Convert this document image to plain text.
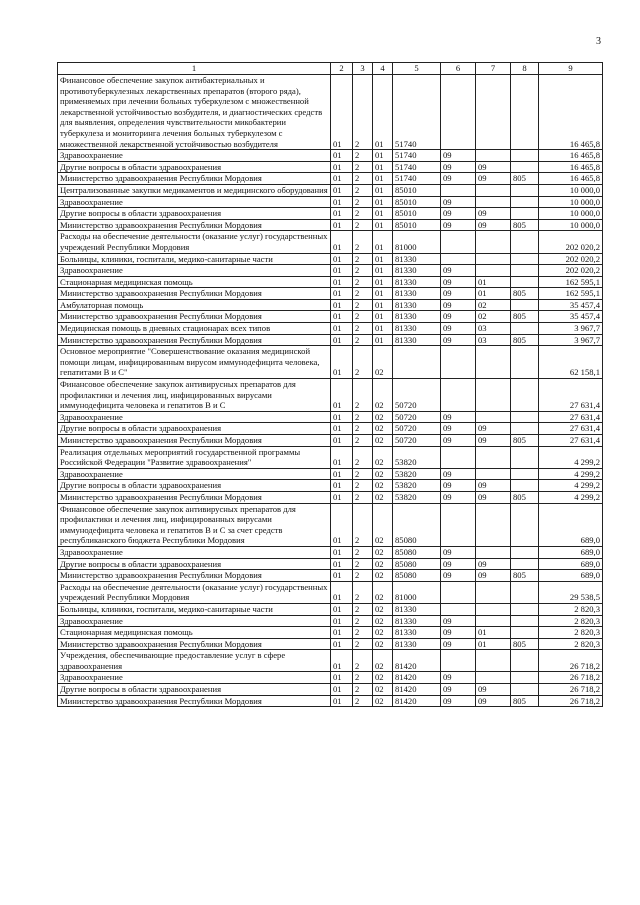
3
1	2	3	4	5	6	7	8	9
Финансовое обеспечение закупок антибактериальных и противотуберкулезных лекарственных препаратов (второго ряда), применяемых при лечении больных туберкулезом с множественной лекарственной устойчивостью возбудителя, и диагностических средств для выявления, определения чувствительности микобактерии туберкулеза и мониторинга лечения больных туберкулезом с множественной лекарственной устойчивостью возбудителя	01	2	01	51740				16 465,8
Здравоохранение	01	2	01	51740	09			16 465,8
Другие вопросы в области здравоохранения	01	2	01	51740	09	09		16 465,8
Министерство здравоохранения Республики Мордовия	01	2	01	51740	09	09	805	16 465,8
Централизованные закупки медикаментов и медицинского оборудования	01	2	01	85010				10 000,0
Здравоохранение	01	2	01	85010	09			10 000,0
Другие вопросы в области здравоохранения	01	2	01	85010	09	09		10 000,0
Министерство здравоохранения Республики Мордовия	01	2	01	85010	09	09	805	10 000,0
Расходы на обеспечение деятельности (оказание услуг) государственных учреждений Республики Мордовия	01	2	01	81000				202 020,2
Больницы, клиники, госпитали, медико-санитарные части	01	2	01	81330				202 020,2
Здравоохранение	01	2	01	81330	09			202 020,2
Стационарная медицинская помощь	01	2	01	81330	09	01		162 595,1
Министерство здравоохранения Республики Мордовия	01	2	01	81330	09	01	805	162 595,1
Амбулаторная помощь	01	2	01	81330	09	02		35 457,4
Министерство здравоохранения Республики Мордовия	01	2	01	81330	09	02	805	35 457,4
Медицинская помощь в дневных стационарах всех типов	01	2	01	81330	09	03		3 967,7
Министерство здравоохранения Республики Мордовия	01	2	01	81330	09	03	805	3 967,7
Основное мероприятие "Совершенствование оказания медицинской помощи лицам, инфицированным вирусом иммунодефицита человека, гепатитами В и С"	01	2	02					62 158,1
Финансовое обеспечение закупок антивирусных препаратов для профилактики и лечения лиц, инфицированных вирусами иммунодефицита человека и гепатитов В и С	01	2	02	50720				27 631,4
Здравоохранение	01	2	02	50720	09			27 631,4
Другие вопросы в области здравоохранения	01	2	02	50720	09	09		27 631,4
Министерство здравоохранения Республики Мордовия	01	2	02	50720	09	09	805	27 631,4
Реализация отдельных мероприятий государственной программы Российской Федерации "Развитие здравоохранения"	01	2	02	53820				4 299,2
Здравоохранение	01	2	02	53820	09			4 299,2
Другие вопросы в области здравоохранения	01	2	02	53820	09	09		4 299,2
Министерство здравоохранения Республики Мордовия	01	2	02	53820	09	09	805	4 299,2
Финансовое обеспечение закупок антивирусных препаратов для профилактики и лечения лиц, инфицированных вирусами иммунодефицита человека и гепатитов В и С за счет средств республиканского бюджета Республики Мордовия	01	2	02	85080				689,0
Здравоохранение	01	2	02	85080	09			689,0
Другие вопросы в области здравоохранения	01	2	02	85080	09	09		689,0
Министерство здравоохранения Республики Мордовия	01	2	02	85080	09	09	805	689,0
Расходы на обеспечение деятельности (оказание услуг) государственных учреждений Республики Мордовия	01	2	02	81000				29 538,5
Больницы, клиники, госпитали, медико-санитарные части	01	2	02	81330				2 820,3
Здравоохранение	01	2	02	81330	09			2 820,3
Стационарная медицинская помощь	01	2	02	81330	09	01		2 820,3
Министерство здравоохранения Республики Мордовия	01	2	02	81330	09	01	805	2 820,3
Учреждения, обеспечивающие предоставление услуг в сфере здравоохранения	01	2	02	81420				26 718,2
Здравоохранение	01	2	02	81420	09			26 718,2
Другие вопросы в области здравоохранения	01	2	02	81420	09	09		26 718,2
Министерство здравоохранения Республики Мордовия	01	2	02	81420	09	09	805	26 718,2
